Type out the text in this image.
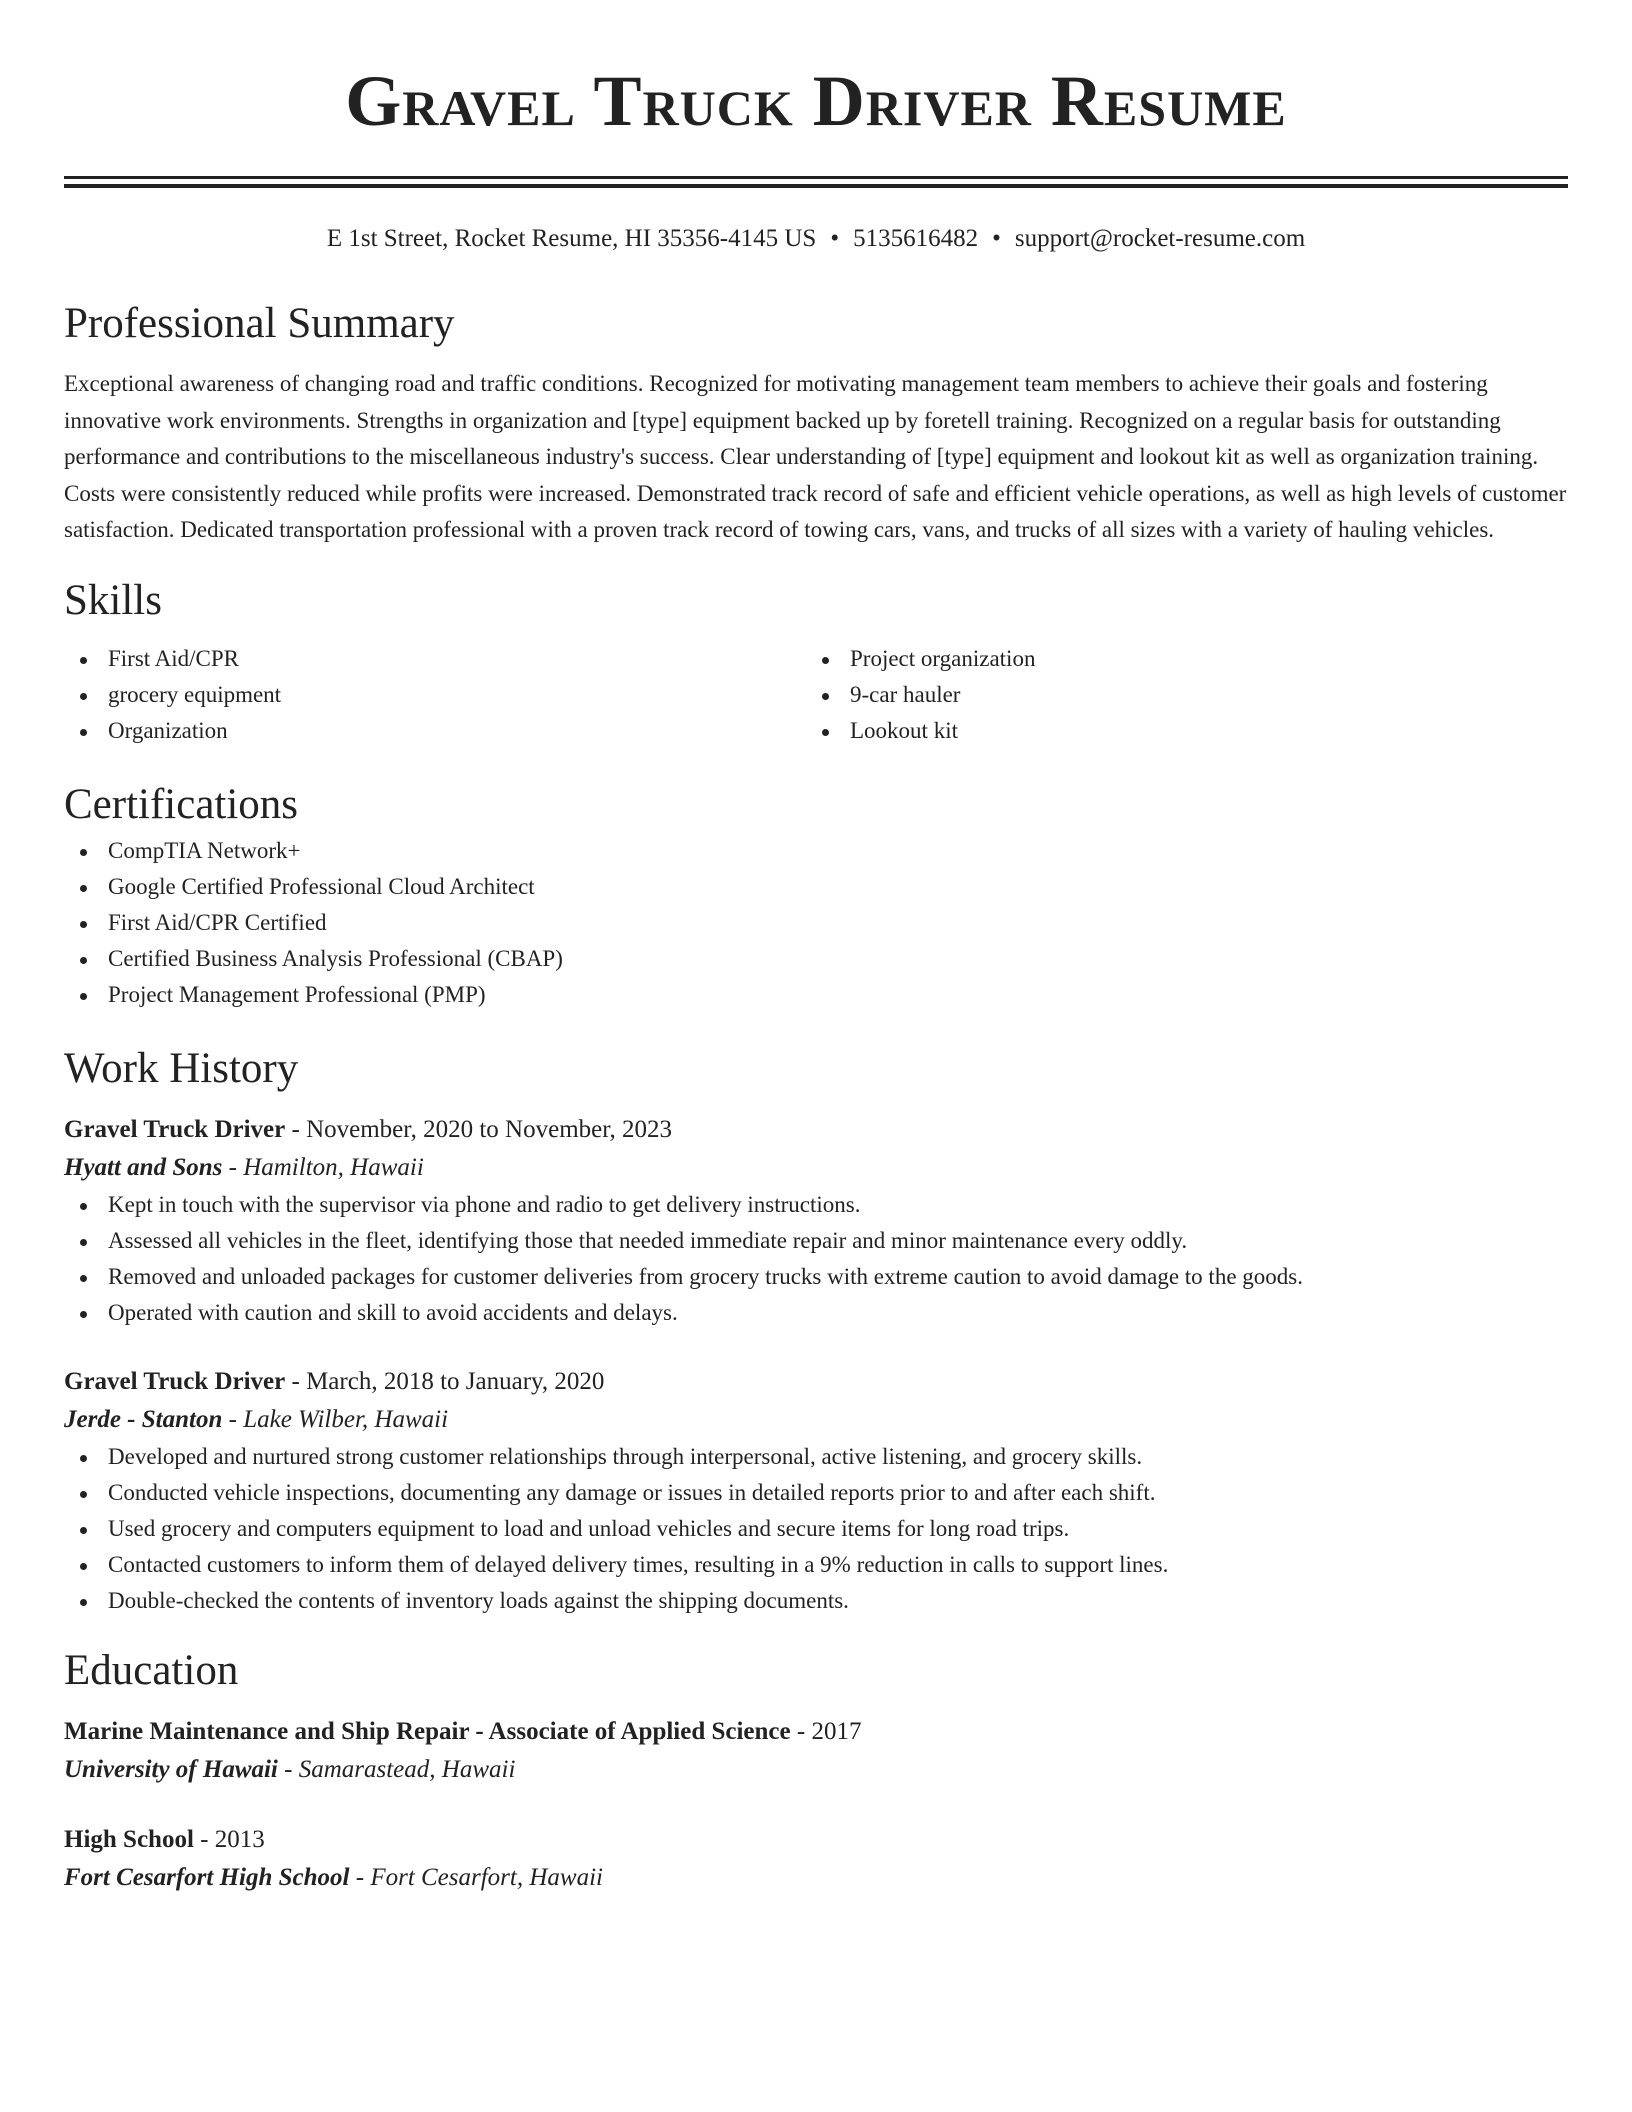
Gravel Truck Driver Resume
E 1st Street, Rocket Resume, HI 35356-4145 US • 5135616482 • support@rocket-resume.com
Professional Summary
Exceptional awareness of changing road and traffic conditions. Recognized for motivating management team members to achieve their goals and fostering innovative work environments. Strengths in organization and [type] equipment backed up by foretell training. Recognized on a regular basis for outstanding performance and contributions to the miscellaneous industry's success. Clear understanding of [type] equipment and lookout kit as well as organization training. Costs were consistently reduced while profits were increased. Demonstrated track record of safe and efficient vehicle operations, as well as high levels of customer satisfaction. Dedicated transportation professional with a proven track record of towing cars, vans, and trucks of all sizes with a variety of hauling vehicles.
Skills
First Aid/CPR
grocery equipment
Organization
Project organization
9-car hauler
Lookout kit
Certifications
CompTIA Network+
Google Certified Professional Cloud Architect
First Aid/CPR Certified
Certified Business Analysis Professional (CBAP)
Project Management Professional (PMP)
Work History
Gravel Truck Driver - November, 2020 to November, 2023
Hyatt and Sons - Hamilton, Hawaii
Kept in touch with the supervisor via phone and radio to get delivery instructions.
Assessed all vehicles in the fleet, identifying those that needed immediate repair and minor maintenance every oddly.
Removed and unloaded packages for customer deliveries from grocery trucks with extreme caution to avoid damage to the goods.
Operated with caution and skill to avoid accidents and delays.
Gravel Truck Driver - March, 2018 to January, 2020
Jerde - Stanton - Lake Wilber, Hawaii
Developed and nurtured strong customer relationships through interpersonal, active listening, and grocery skills.
Conducted vehicle inspections, documenting any damage or issues in detailed reports prior to and after each shift.
Used grocery and computers equipment to load and unload vehicles and secure items for long road trips.
Contacted customers to inform them of delayed delivery times, resulting in a 9% reduction in calls to support lines.
Double-checked the contents of inventory loads against the shipping documents.
Education
Marine Maintenance and Ship Repair - Associate of Applied Science - 2017
University of Hawaii - Samarastead, Hawaii
High School - 2013
Fort Cesarfort High School - Fort Cesarfort, Hawaii
